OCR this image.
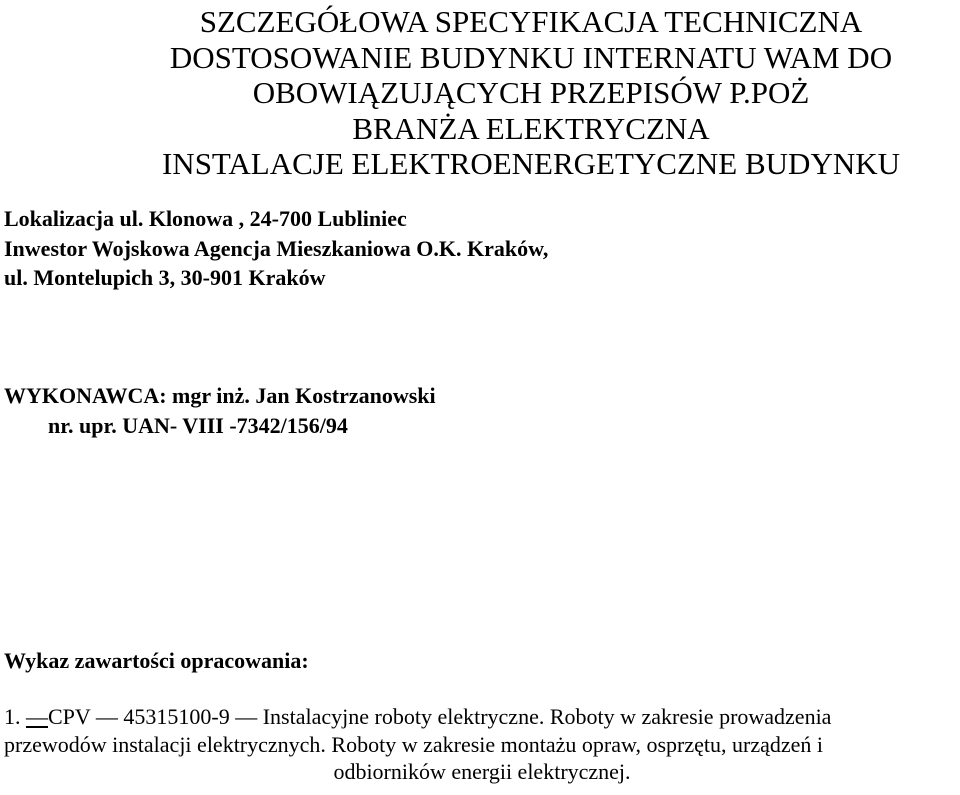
SZCZEGÓŁOWA SPECYFIKACJA TECHNICZNA
DOSTOSOWANIE BUDYNKU INTERNATU WAM DO
OBOWIĄZUJĄCYCH PRZEPISÓW P.POŻ
BRANŻA ELEKTRYCZNA
INSTALACJE ELEKTROENERGETYCZNE BUDYNKU
Lokalizacja ul. Klonowa , 24-700 Lubliniec
Inwestor Wojskowa Agencja Mieszkaniowa O.K. Kraków,
ul. Montelupich 3, 30-901 Kraków
WYKONAWCA: mgr inż. Jan Kostrzanowski
nr. upr. UAN- VIII -7342/156/94
Wykaz zawartości opracowania:
1. —CPV — 45315100-9 — Instalacyjne roboty elektryczne. Roboty w zakresie prowadzenia
przewodów instalacji elektrycznych. Roboty w zakresie montażu opraw, osprzętu, urządzeń i
odbiorników energii elektrycznej.
